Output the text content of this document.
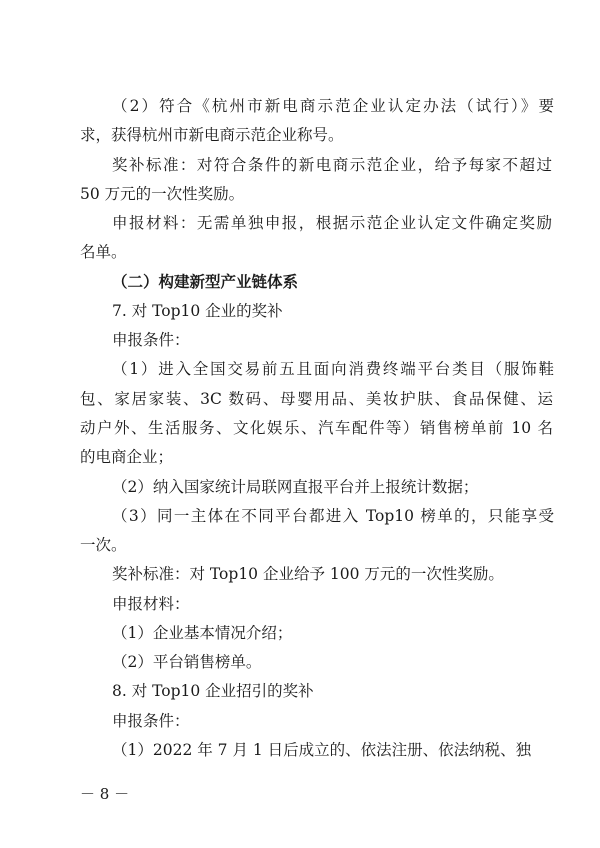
（2）符合《杭州市新电商示范企业认定办法（试行）》要
求，获得杭州市新电商示范企业称号。
奖补标准：对符合条件的新电商示范企业，给予每家不超过
50 万元的一次性奖励。
申报材料：无需单独申报，根据示范企业认定文件确定奖励
名单。
（二）构建新型产业链体系
7. 对 Top10 企业的奖补
申报条件：
（1）进入全国交易前五且面向消费终端平台类目（服饰鞋
包、家居家装、3C 数码、母婴用品、美妆护肤、食品保健、运
动户外、生活服务、文化娱乐、汽车配件等）销售榜单前 10 名
的电商企业；
（2）纳入国家统计局联网直报平台并上报统计数据；
（3）同一主体在不同平台都进入 Top10 榜单的，只能享受
一次。
奖补标准：对 Top10 企业给予 100 万元的一次性奖励。
申报材料：
（1）企业基本情况介绍；
（2）平台销售榜单。
8. 对 Top10 企业招引的奖补
申报条件：
（1）2022 年 7 月 1 日后成立的、依法注册、依法纳税、独
－ 8 －
